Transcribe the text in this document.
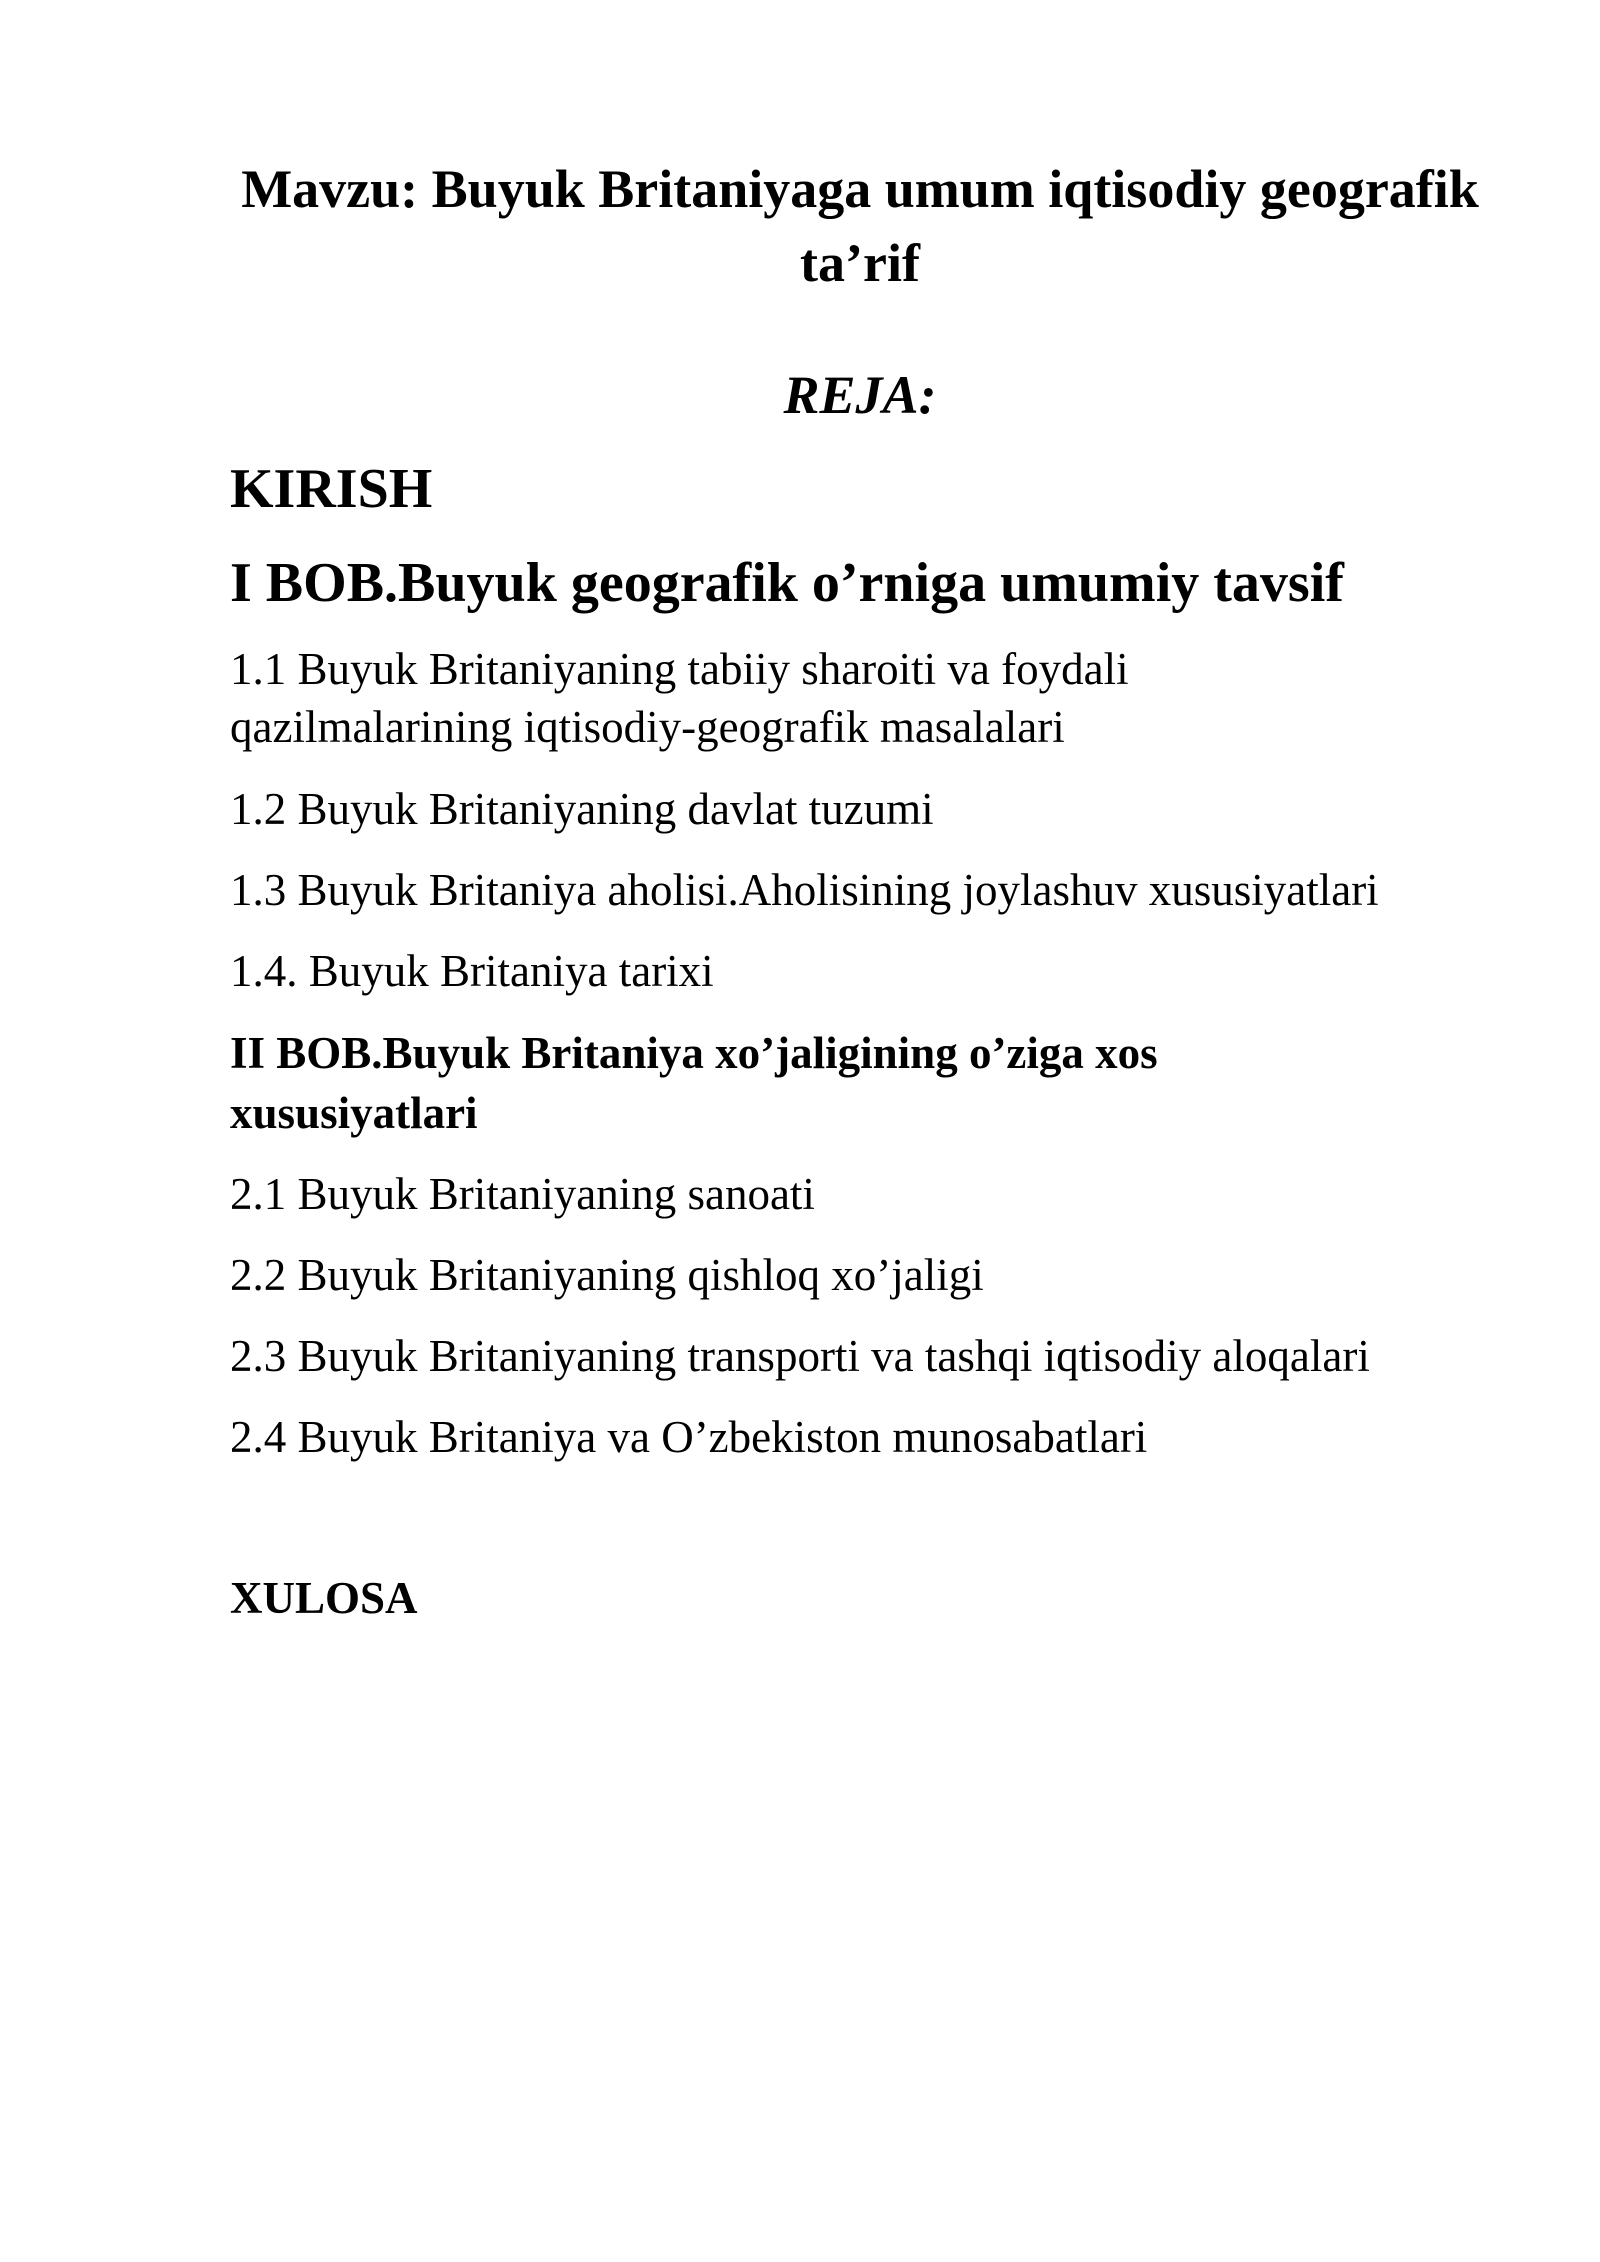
Mavzu: Buyuk Britaniyaga umum iqtisodiy geografik ta’rif
REJA:
KIRISH
I BOB.Buyuk geografik o’rniga umumiy tavsif
1.1 Buyuk Britaniyaning tabiiy sharoiti va foydali qazilmalarining iqtisodiy-geografik masalalari
1.2 Buyuk Britaniyaning davlat tuzumi
1.3 Buyuk Britaniya aholisi.Aholisining joylashuv xususiyatlari
1.4. Buyuk Britaniya tarixi
II BOB.Buyuk Britaniya xo’jaligining o’ziga xos xususiyatlari
2.1 Buyuk Britaniyaning sanoati
2.2 Buyuk Britaniyaning qishloq xo’jaligi
2.3 Buyuk Britaniyaning transporti va tashqi iqtisodiy aloqalari
2.4 Buyuk Britaniya va O’zbekiston munosabatlari
XULOSA
